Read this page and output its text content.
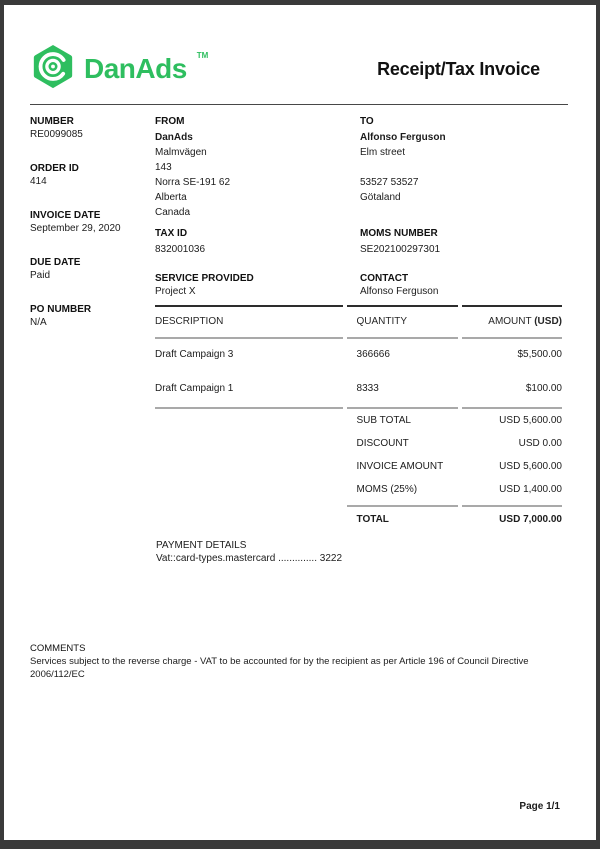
DanAds TM
Receipt/Tax Invoice
NUMBER
RE0099085
ORDER ID
414
INVOICE DATE
September 29, 2020
DUE DATE
Paid
PO NUMBER
N/A
FROM
DanAds
Malmvägen
143
Norra SE-191 62
Alberta
Canada
TO
Alfonso Ferguson
Elm street
53527 53527
Götaland
TAX ID
832001036
MOMS NUMBER
SE202100297301
SERVICE PROVIDED
Project X
CONTACT
Alfonso Ferguson
DESCRIPTION	QUANTITY	AMOUNT (USD)
Draft Campaign 3	366666	$5,500.00
Draft Campaign 1	8333	$100.00
	SUB TOTAL	USD 5,600.00
	DISCOUNT	USD 0.00
	INVOICE AMOUNT	USD 5,600.00
	MOMS (25%)	USD 1,400.00
	TOTAL	USD 7,000.00

PAYMENT DETAILS
Vat::card-types.mastercard .............. 3222		
COMMENTS
Services subject to the reverse charge - VAT to be accounted for by the recipient as per Article 196 of Council Directive
2006/112/EC
Page 1/1
